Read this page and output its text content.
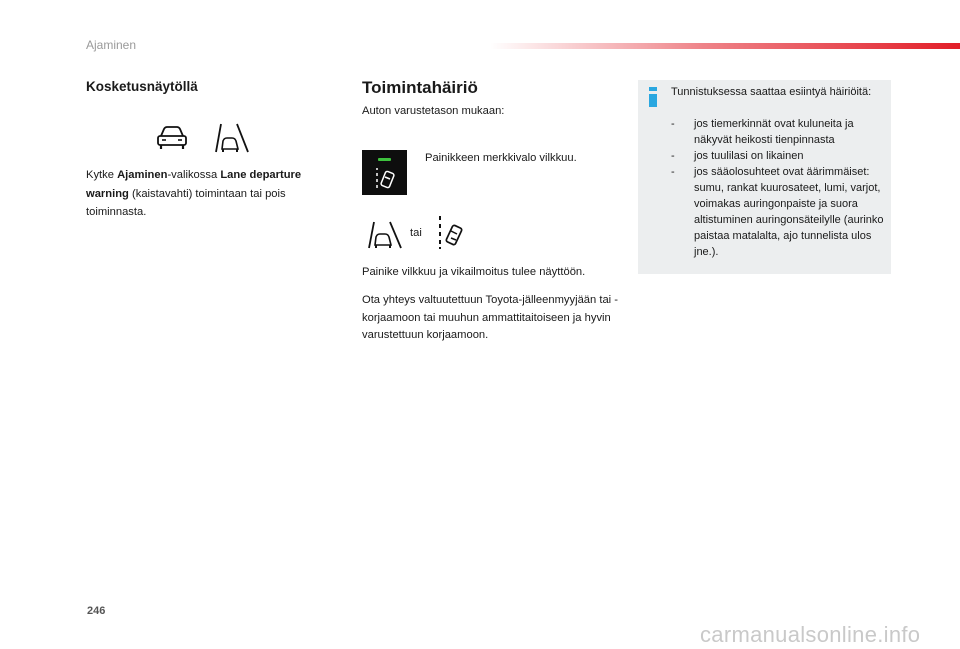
Ajaminen
Kosketusnäytöllä
Kytke Ajaminen-valikossa Lane departure warning (kaistavahti) toimintaan tai pois toiminnasta.
Toimintahäiriö
Auton varustetason mukaan:
Painikkeen merkkivalo vilkkuu.
tai
Painike vilkkuu ja vikailmoitus tulee näyttöön.
Ota yhteys valtuutettuun Toyota-jälleenmyyjään tai -korjaamoon tai muuhun ammattitaitoiseen ja hyvin varustettuun korjaamoon.
Tunnistuksessa saattaa esiintyä häiriöitä:
- jos tiemerkinnät ovat kuluneita ja näkyvät heikosti tienpinnasta
- jos tuulilasi on likainen
- jos sääolosuhteet ovat äärimmäiset: sumu, rankat kuurosateet, lumi, varjot, voimakas auringonpaiste ja suora altistuminen auringonsäteilylle (aurinko paistaa matalalta, ajo tunnelista ulos jne.).
246
carmanualsonline.info
